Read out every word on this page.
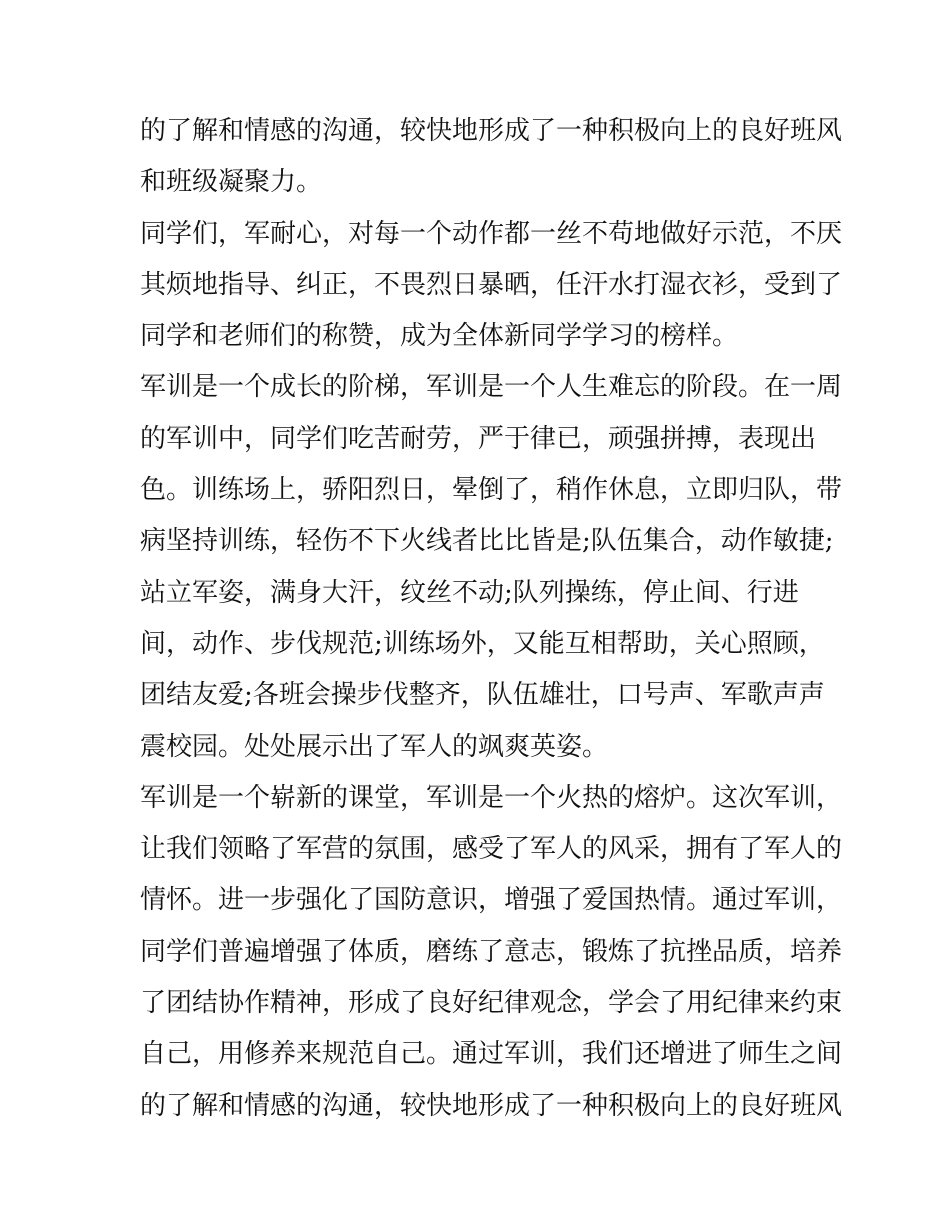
的了解和情感的沟通，较快地形成了一种积极向上的良好班风
和班级凝聚力。
同学们，军耐心，对每一个动作都一丝不苟地做好示范，不厌
其烦地指导、纠正，不畏烈日暴晒，任汗水打湿衣衫，受到了
同学和老师们的称赞，成为全体新同学学习的榜样。
军训是一个成长的阶梯，军训是一个人生难忘的阶段。在一周
的军训中，同学们吃苦耐劳，严于律已，顽强拼搏，表现出
色。训练场上，骄阳烈日，晕倒了，稍作休息，立即归队，带
病坚持训练，轻伤不下火线者比比皆是;队伍集合，动作敏捷;
站立军姿，满身大汗，纹丝不动;队列操练，停止间、行进
间，动作、步伐规范;训练场外，又能互相帮助，关心照顾，
团结友爱;各班会操步伐整齐，队伍雄壮，口号声、军歌声声
震校园。处处展示出了军人的飒爽英姿。
军训是一个崭新的课堂，军训是一个火热的熔炉。这次军训，
让我们领略了军营的氛围，感受了军人的风采，拥有了军人的
情怀。进一步强化了国防意识，增强了爱国热情。通过军训，
同学们普遍增强了体质，磨练了意志，锻炼了抗挫品质，培养
了团结协作精神，形成了良好纪律观念，学会了用纪律来约束
自己，用修养来规范自己。通过军训，我们还增进了师生之间
的了解和情感的沟通，较快地形成了一种积极向上的良好班风
